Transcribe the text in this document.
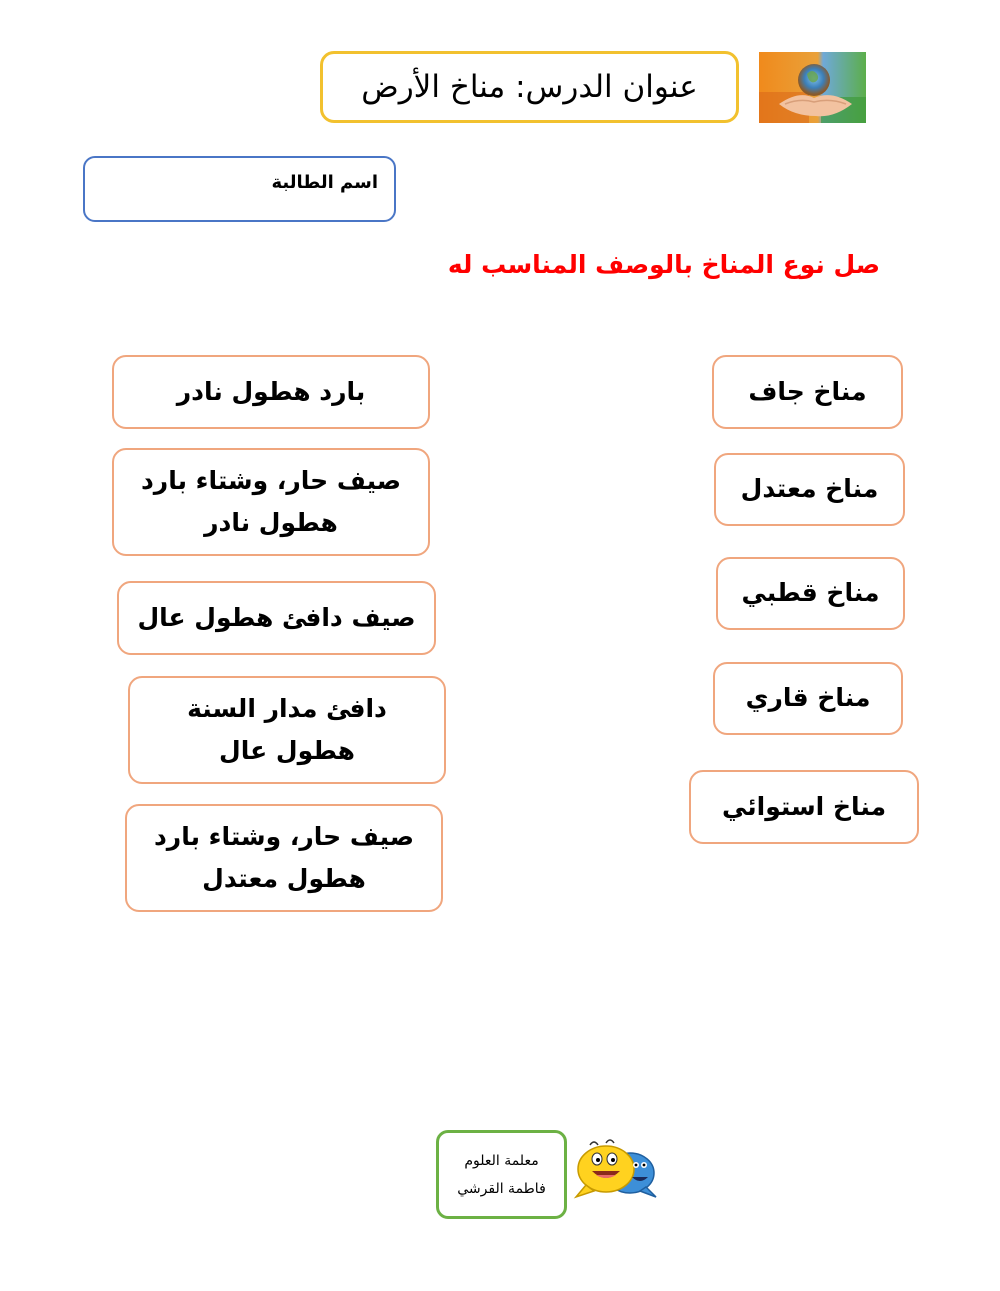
عنوان الدرس: مناخ الأرض
اسم الطالبة
صل نوع المناخ بالوصف المناسب له
مناخ جاف
مناخ معتدل
مناخ قطبي
مناخ قاري
مناخ استوائي
بارد هطول نادر
صيف حار، وشتاء بارد هطول نادر
صيف دافئ هطول عال
دافئ مدار السنة هطول عال
صيف حار، وشتاء بارد هطول معتدل
معلمة العلوم
فاطمة القرشي
